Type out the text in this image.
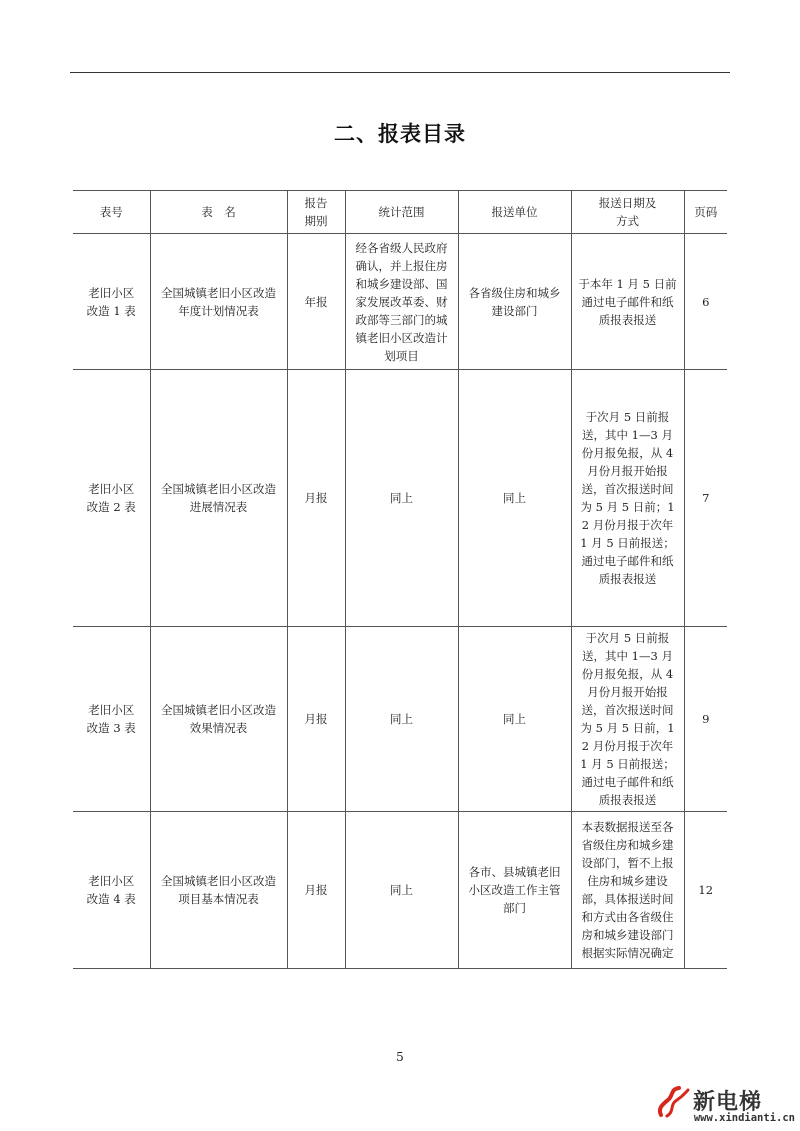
二、报表目录
表号	表　名	报告期别	统计范围	报送单位	报送日期及方式	页码

老旧小区改造 1 表	全国城镇老旧小区改造年度计划情况表	年报	经各省级人民政府确认，并上报住房和城乡建设部、国家发展改革委、财政部等三部门的城镇老旧小区改造计划项目	各省级住房和城乡建设部门	于本年 1 月 5 日前通过电子邮件和纸质报表报送	6

老旧小区改造 2 表	全国城镇老旧小区改造进展情况表	月报	同上	同上	于次月 5 日前报送，其中 1—3 月份月报免报，从 4 月份月报开始报送，首次报送时间为 5 月 5 日前；12 月份月报于次年 1 月 5 日前报送；通过电子邮件和纸质报表报送	7

老旧小区改造 3 表	全国城镇老旧小区改造效果情况表	月报	同上	同上	于次月 5 日前报送，其中 1—3 月份月报免报，从 4 月份月报开始报送，首次报送时间为 5 月 5 日前，12 月份月报于次年 1 月 5 日前报送；通过电子邮件和纸质报表报送	9

老旧小区改造 4 表	全国城镇老旧小区改造项目基本情况表	月报	同上	各市、县城镇老旧小区改造工作主管部门	本表数据报送至各省级住房和城乡建设部门，暂不上报住房和城乡建设部，具体报送时间和方式由各省级住房和城乡建设部门根据实际情况确定	12
5
新电梯
www.xindianti.cn
